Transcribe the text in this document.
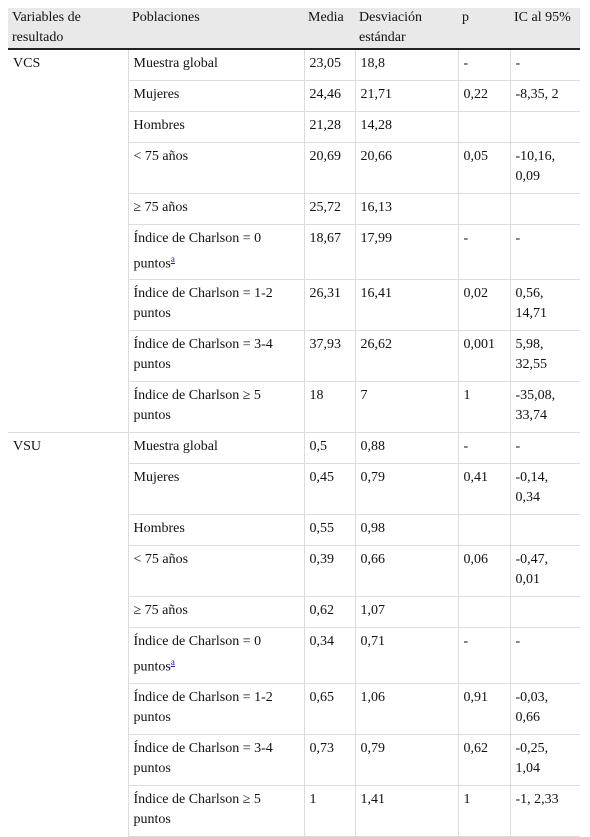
Variables de resultado	Poblaciones	Media	Desviación estándar	p	IC al 95%
VCS	Muestra global	23,05	18,8	-	-
	Mujeres	24,46	21,71	0,22	-8,35, 2
	Hombres	21,28	14,28		
	< 75 años	20,69	20,66	0,05	-10,16, 0,09
	≥ 75 años	25,72	16,13		
	Índice de Charlson = 0 puntos$^a$	18,67	17,99	-	-
	Índice de Charlson = 1-2 puntos	26,31	16,41	0,02	0,56, 14,71
	Índice de Charlson = 3-4 puntos	37,93	26,62	0,001	5,98, 32,55
	Índice de Charlson ≥ 5 puntos	18	7	1	-35,08, 33,74
VSU	Muestra global	0,5	0,88	-	-
	Mujeres	0,45	0,79	0,41	-0,14, 0,34
	Hombres	0,55	0,98		
	< 75 años	0,39	0,66	0,06	-0,47, 0,01
	≥ 75 años	0,62	1,07		
	Índice de Charlson = 0 puntos$^a$	0,34	0,71	-	-
	Índice de Charlson = 1-2 puntos	0,65	1,06	0,91	-0,03, 0,66
	Índice de Charlson = 3-4 puntos	0,73	0,79	0,62	-0,25, 1,04
	Índice de Charlson ≥ 5 puntos	1	1,41	1	-1, 2,33
